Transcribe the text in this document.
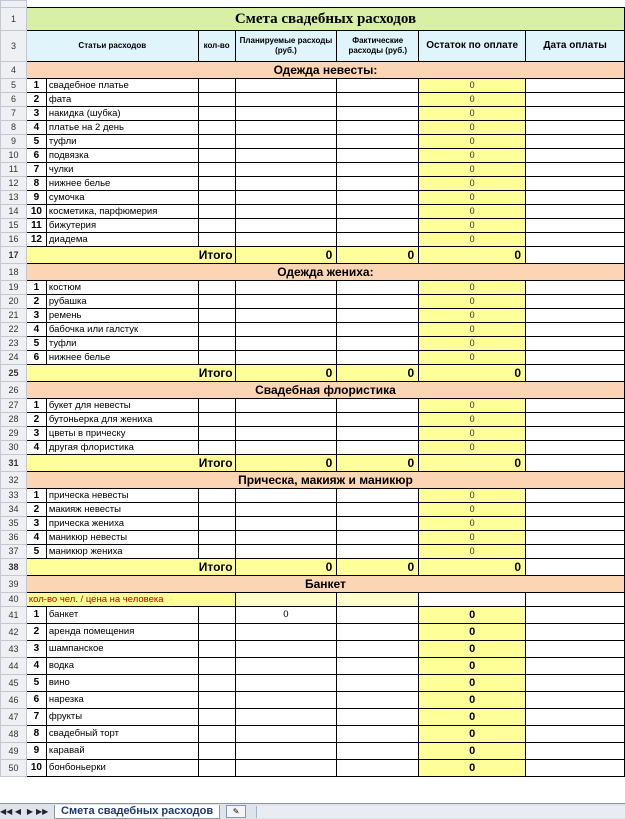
1	Смета свадебных расходов						
3	Статьи расходов		кол-во	Планируемые расходы (руб.)	Фактические расходы (руб.)	Остаток по оплате	Дата оплаты
4	Одежда невесты:						
5	1	свадебное платье				0	
6	2	фата				0	
7	3	накидка (шубка)				0	
8	4	платье на 2 день				0	
9	5	туфли				0	
10	6	подвязка				0	
11	7	чулки				0	
12	8	нижнее белье				0	
13	9	сумочка				0	
14	10	косметика, парфюмерия				0	
15	11	бижутерия				0	
16	12	диадема				0	
17	Итого			0	0	0	
18	Одежда жениха:						
19	1	костюм				0	
20	2	рубашка				0	
21	3	ремень				0	
22	4	бабочка или галстук				0	
23	5	туфли				0	
24	6	нижнее белье				0	
25	Итого			0	0	0	
26	Свадебная флористика						
27	1	букет для невесты				0	
28	2	бутоньерка для жениха				0	
29	3	цветы в прическу				0	
30	4	другая флористика				0	
31	Итого			0	0	0	
32	Прическа, макияж и маникюр						
33	1	прическа невесты				0	
34	2	макияж невесты				0	
35	3	прическа жениха				0	
36	4	маникюр невесты				0	
37	5	маникюр жениха				0	
38	Итого			0	0	0	
39	Банкет						
40	кол-во чел. / цена на человека						
41	1	банкет		0		0	
42	2	аренда помещения				0	
43	3	шампанское				0	
44	4	водка				0	
45	5	вино				0	
46	6	нарезка				0	
47	7	фрукты				0	
48	8	свадебный торт				0	
49	9	каравай				0	
50	10	бонбоньерки				0	
◀◀ ◀ ▶ ▶▶	Смета свадебных расходов	✎
